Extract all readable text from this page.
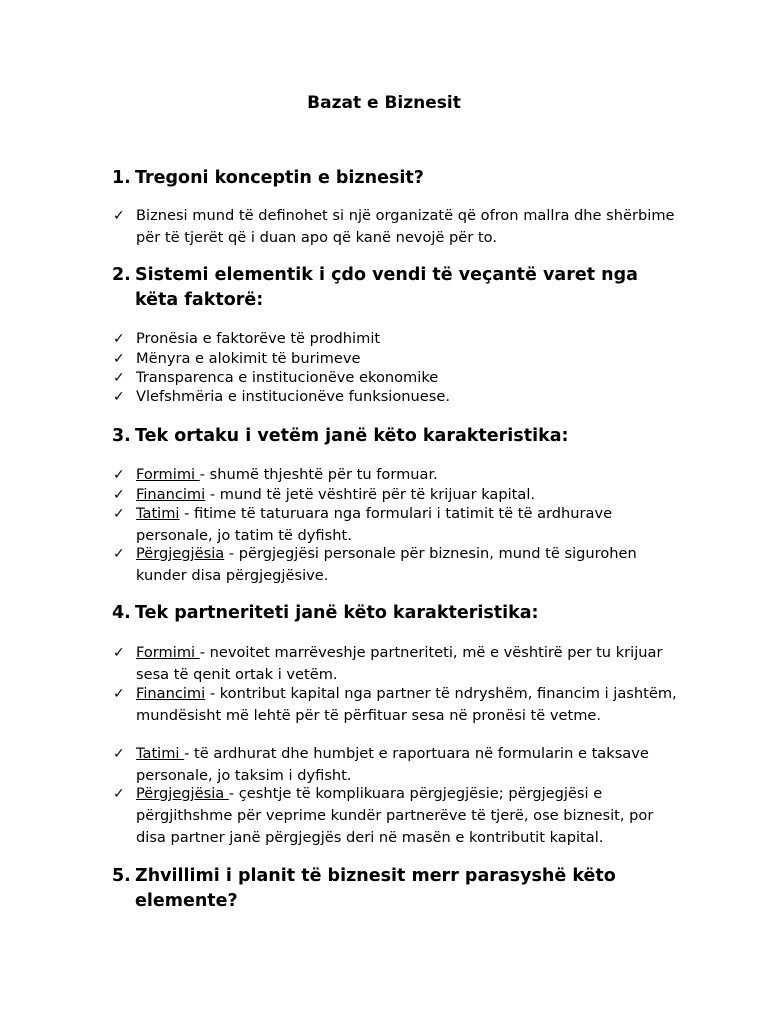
Bazat e Biznesit
1. Tregoni konceptin e biznesit?
✓ Biznesi mund të definohet si një organizatë që ofron mallra dhe shërbime për të tjerët që i duan apo që kanë nevojë për to.
2. Sistemi elementik i çdo vendi të veçantë varet nga këta faktorë:
✓ Pronësia e faktorëve të prodhimit
✓ Mënyra e alokimit të burimeve
✓ Transparenca e institucionëve ekonomike
✓ Vlefshmëria e institucionëve funksionuese.
3. Tek ortaku i vetëm janë këto karakteristika:
✓ Formimi - shumë thjeshtë për tu formuar.
✓ Financimi - mund të jetë vështirë për të krijuar kapital.
✓ Tatimi - fitime të taturuara nga formulari i tatimit të të ardhurave personale, jo tatim të dyfisht.
✓ Përgjegjësia - përgjegjësi personale për biznesin, mund të sigurohen kunder disa përgjegjësive.
4. Tek partneriteti janë këto karakteristika:
✓ Formimi - nevoitet marrëveshje partneriteti, më e vështirë per tu krijuar sesa të qenit ortak i vetëm.
✓ Financimi - kontribut kapital nga partner të ndryshëm, financim i jashtëm, mundësisht më lehtë për të përfituar sesa në pronësi të vetme.
✓ Tatimi - të ardhurat dhe humbjet e raportuara në formularin e taksave personale, jo taksim i dyfisht.
✓ Përgjegjësia - çeshtje të komplikuara përgjegjësie; përgjegjësi e përgjithshme për veprime kundër partnerëve të tjerë, ose biznesit, por disa partner janë përgjegjës deri në masën e kontributit kapital.
5. Zhvillimi i planit të biznesit merr parasyshë këto elemente?
